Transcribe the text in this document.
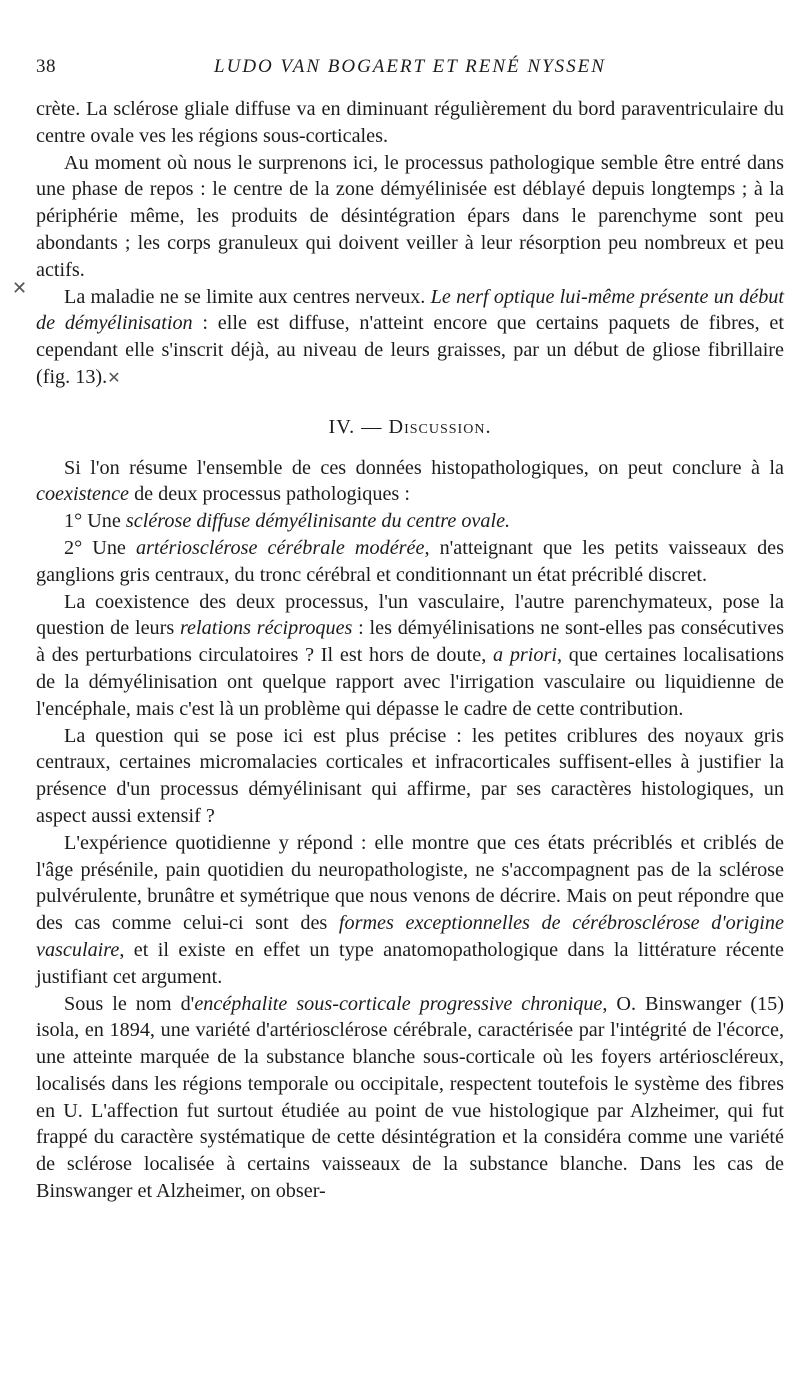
38	LUDO VAN BOGAERT ET RENÉ NYSSEN

crète. La sclérose gliale diffuse va en diminuant régulièrement du bord paraventriculaire du centre ovale ves les régions sous-corticales.

Au moment où nous le surprenons ici, le processus pathologique semble être entré dans une phase de repos : le centre de la zone démyélinisée est déblayé depuis longtemps ; à la périphérie même, les produits de désintégration épars dans le parenchyme sont peu abondants ; les corps granuleux qui doivent veiller à leur résorption peu nombreux et peu actifs.

La maladie ne se limite aux centres nerveux. Le nerf optique lui-même présente un début de démyélinisation : elle est diffuse, n'atteint encore que certains paquets de fibres, et cependant elle s'inscrit déjà, au niveau de leurs graisses, par un début de gliose fibrillaire (fig. 13).✕

IV. — Discussion.

Si l'on résume l'ensemble de ces données histopathologiques, on peut conclure à la coexistence de deux processus pathologiques :

1° Une sclérose diffuse démyélinisante du centre ovale.

2° Une artériosclérose cérébrale modérée, n'atteignant que les petits vaisseaux des ganglions gris centraux, du tronc cérébral et conditionnant un état précriblé discret.

La coexistence des deux processus, l'un vasculaire, l'autre parenchymateux, pose la question de leurs relations réciproques : les démyélinisations ne sont-elles pas consécutives à des perturbations circulatoires ? Il est hors de doute, a priori, que certaines localisations de la démyélinisation ont quelque rapport avec l'irrigation vasculaire ou liquidienne de l'encéphale, mais c'est là un problème qui dépasse le cadre de cette contribution.

La question qui se pose ici est plus précise : les petites criblures des noyaux gris centraux, certaines micromalacies corticales et infracorticales suffisent-elles à justifier la présence d'un processus démyélinisant qui affirme, par ses caractères histologiques, un aspect aussi extensif ?

L'expérience quotidienne y répond : elle montre que ces états précriblés et criblés de l'âge présénile, pain quotidien du neuropathologiste, ne s'accompagnent pas de la sclérose pulvérulente, brunâtre et symétrique que nous venons de décrire. Mais on peut répondre que des cas comme celui-ci sont des formes exceptionnelles de cérébrosclérose d'origine vasculaire, et il existe en effet un type anatomopathologique dans la littérature récente justifiant cet argument.

Sous le nom d'encéphalite sous-corticale progressive chronique, O. Binswanger (15) isola, en 1894, une variété d'artériosclérose cérébrale, caractérisée par l'intégrité de l'écorce, une atteinte marquée de la substance blanche sous-corticale où les foyers artérioscléreux, localisés dans les régions temporale ou occipitale, respectent toutefois le système des fibres en U. L'affection fut surtout étudiée au point de vue histologique par Alzheimer, qui fut frappé du caractère systématique de cette désintégration et la considéra comme une variété de sclérose localisée à certains vaisseaux de la substance blanche. Dans les cas de Binswanger et Alzheimer, on obser-

✕
